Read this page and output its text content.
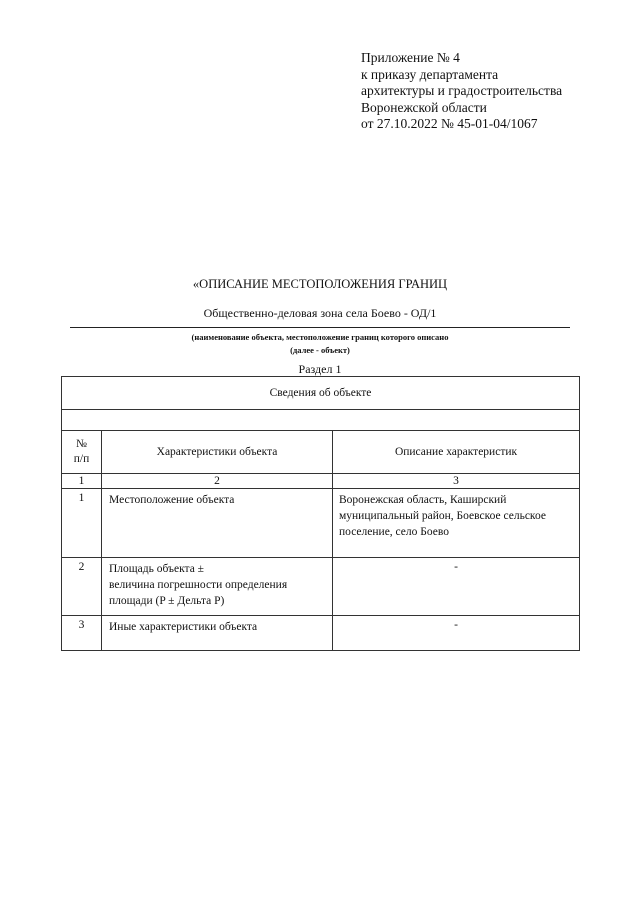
Приложение № 4
к приказу департамента
архитектуры и градостроительства
Воронежской области
от 27.10.2022 № 45-01-04/1067
«ОПИСАНИЕ МЕСТОПОЛОЖЕНИЯ ГРАНИЦ
Общественно-деловая зона села Боево - ОД/1
(наименование объекта, местоположение границ которого описано
(далее - объект)
Раздел 1
Сведения об объекте		

№
п/п	Характеристики объекта	Описание характеристик
1	2	3
1	Местоположение объекта	Воронежская область, Каширский
муниципальный район, Боевское сельское
поселение, село Боево

2	Площадь объекта ±
величина погрешности определения
площади (P ± Дельта P)	-
3	Иные характеристики объекта	-
